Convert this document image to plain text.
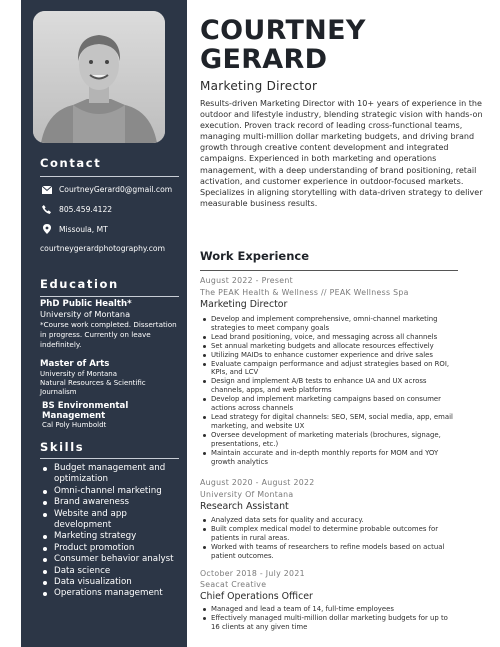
Contact
CourtneyGerard0@gmail.com
805.459.4122
Missoula, MT
courtneygerardphotography.com
Education
PhD Public Health*
University of Montana
*Course work completed. Dissertation in progress. Currently on leave indefinitely.
Master of Arts
University of Montana
Natural Resources & Scientific Journalism
BS Environmental Management
Cal Poly Humboldt
Skills
Budget management and optimization
Omni-channel marketing
Brand awareness
Website and app development
Marketing strategy
Product promotion
Consumer behavior analyst
Data science
Data visualization
Operations management
COURTNEY
GERARD
Marketing Director
Results-driven Marketing Director with 10+ years of experience in the outdoor and lifestyle industry, blending strategic vision with hands-on execution. Proven track record of leading cross-functional teams, managing multi-million dollar marketing budgets, and driving brand growth through creative content development and integrated campaigns. Experienced in both marketing and operations management, with a deep understanding of brand positioning, retail activation, and customer experience in outdoor-focused markets. Specializes in aligning storytelling with data-driven strategy to deliver measurable business results.
Work Experience
August 2022 - Present
The PEAK Health & Wellness // PEAK Wellness Spa
Marketing Director
Develop and implement comprehensive, omni-channel marketing strategies to meet company goals
Lead brand positioning, voice, and messaging across all channels
Set annual marketing budgets and allocate resources effectively
Utilizing MAIDs to enhance customer experience and drive sales
Evaluate campaign performance and adjust strategies based on ROI, KPIs, and LCV
Design and implement A/B tests to enhance UA and UX across channels, apps, and web platforms
Develop and implement marketing campaigns based on consumer actions across channels
Lead strategy for digital channels: SEO, SEM, social media, app, email marketing, and website UX
Oversee development of marketing materials (brochures, signage, presentations, etc.)
Maintain accurate and in-depth monthly reports for MOM and YOY growth analytics
August 2020 - August 2022
University Of Montana
Research Assistant
Analyzed data sets for quality and accuracy.
Built complex medical model to determine probable outcomes for patients in rural areas.
Worked with teams of researchers to refine models based on actual patient outcomes.
October 2018 - July 2021
Seacat Creative
Chief Operations Officer
Managed and lead a team of 14, full-time employees
Effectively managed multi-million dollar marketing budgets for up to 16 clients at any given time
